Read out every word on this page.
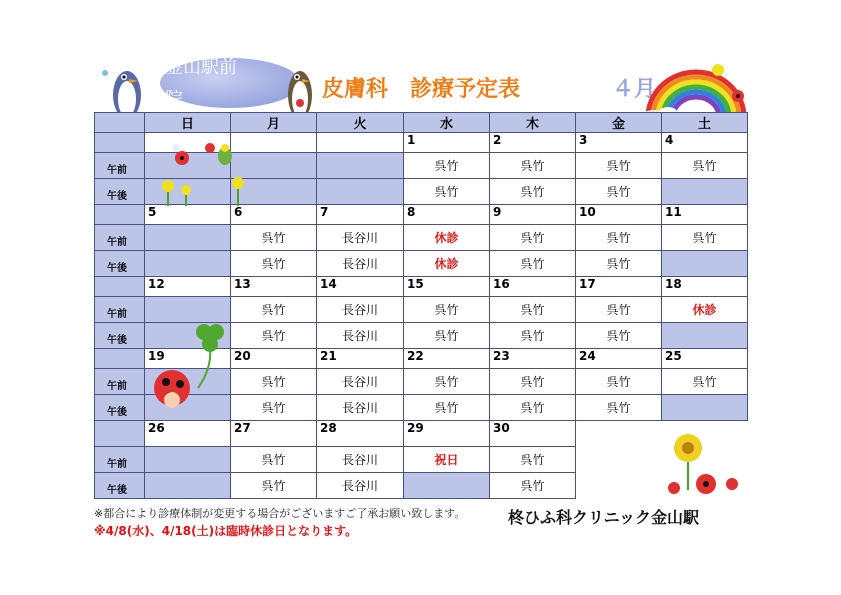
金山駅前
院	皮膚科　診療予定表	４月
	日	月	火	水	木	金	土
				1	2	3	4
午前				呉竹	呉竹	呉竹	呉竹
午後				呉竹	呉竹	呉竹	
	5	6	7	8	9	10	11
午前		呉竹	長谷川	休診	呉竹	呉竹	呉竹
午後		呉竹	長谷川	休診	呉竹	呉竹	
	12	13	14	15	16	17	18
午前		呉竹	長谷川	呉竹	呉竹	呉竹	休診
午後		呉竹	長谷川	呉竹	呉竹	呉竹	
	19	20	21	22	23	24	25
午前		呉竹	長谷川	呉竹	呉竹	呉竹	呉竹
午後		呉竹	長谷川	呉竹	呉竹	呉竹	
	26	27	28	29	30		
午前		呉竹	長谷川	祝日	呉竹		
午後		呉竹	長谷川		呉竹		
※都合により診療体制が変更する場合がございますご了承お願い致します。
※4/8(水)、4/18(土)は臨時休診日となります。
柊ひふ科クリニック金山駅
